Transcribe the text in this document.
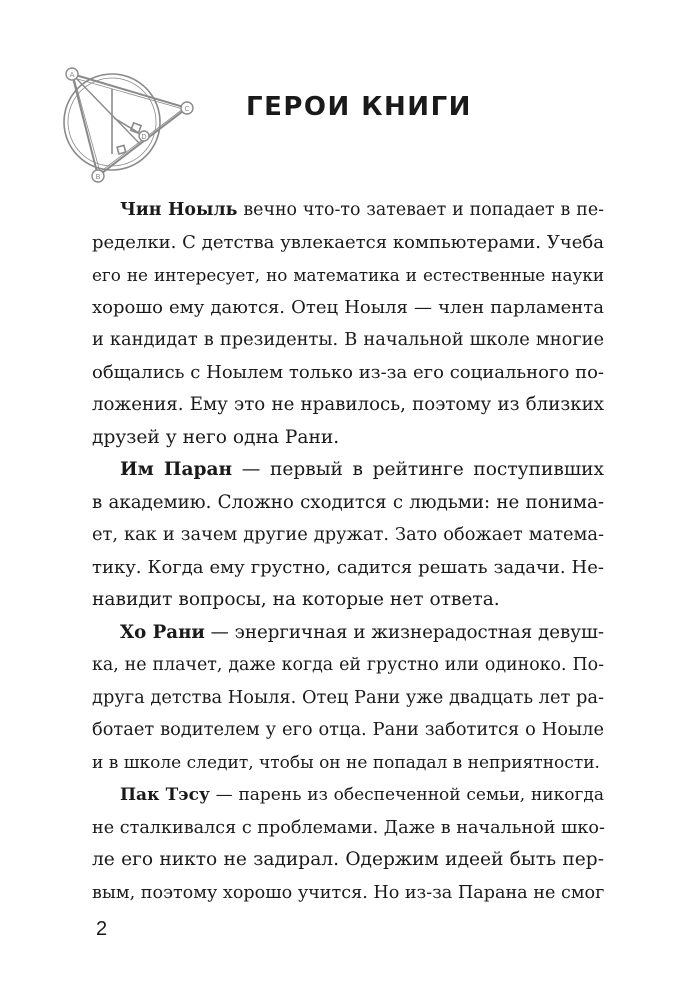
A
C
B
D
ГЕРОИ КНИГИ
Чин Ноыль вечно что-то затевает и попадает в пе-
ределки. С детства увлекается компьютерами. Учеба
его не интересует, но математика и естественные науки
хорошо ему даются. Отец Ноыля — член парламента
и кандидат в президенты. В начальной школе многие
общались с Ноылем только из-за его социального по-
ложения. Ему это не нравилось, поэтому из близких
друзей у него одна Рани.
Им Паран — первый в рейтинге поступивших
в академию. Сложно сходится с людьми: не понима-
ет, как и зачем другие дружат. Зато обожает матема-
тику. Когда ему грустно, садится решать задачи. Не-
навидит вопросы, на которые нет ответа.
Хо Рани — энергичная и жизнерадостная девуш-
ка, не плачет, даже когда ей грустно или одиноко. По-
друга детства Ноыля. Отец Рани уже двадцать лет ра-
ботает водителем у его отца. Рани заботится о Ноыле
и в школе следит, чтобы он не попадал в неприятности.
Пак Тэсу — парень из обеспеченной семьи, никогда
не сталкивался с проблемами. Даже в начальной шко-
ле его никто не задирал. Одержим идеей быть пер-
вым, поэтому хорошо учится. Но из-за Парана не смог
2
